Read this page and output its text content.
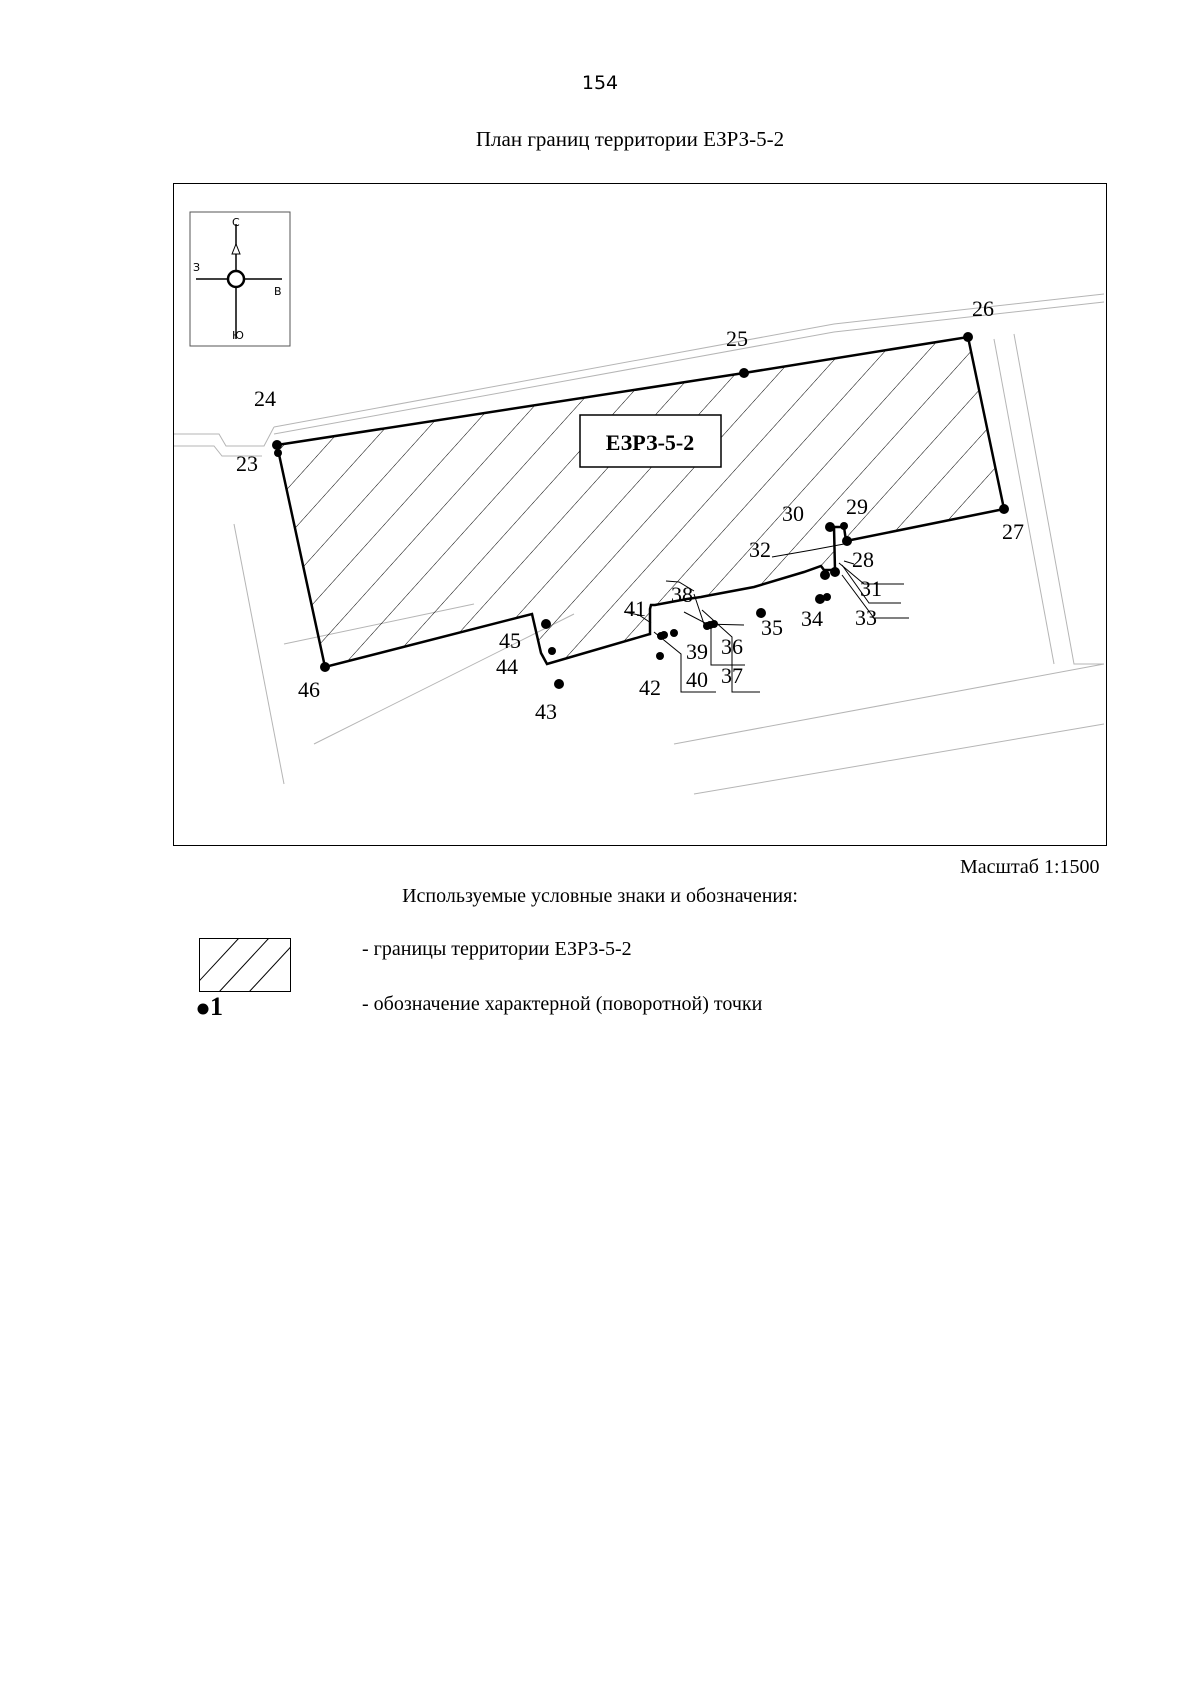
154
План границ территории ЕЗРЗ-5-2
С
В
Ю
З
ЕЗРЗ-5-2
23
24
25
26
27
28
29
30
31
32
33
34
35
36
37
38
39
40
41
42
43
44
45
46
Масштаб 1:1500
Используемые условные знаки и обозначения:
- границы территории ЕЗРЗ-5-2
1	- обозначение характерной (поворотной) точки
